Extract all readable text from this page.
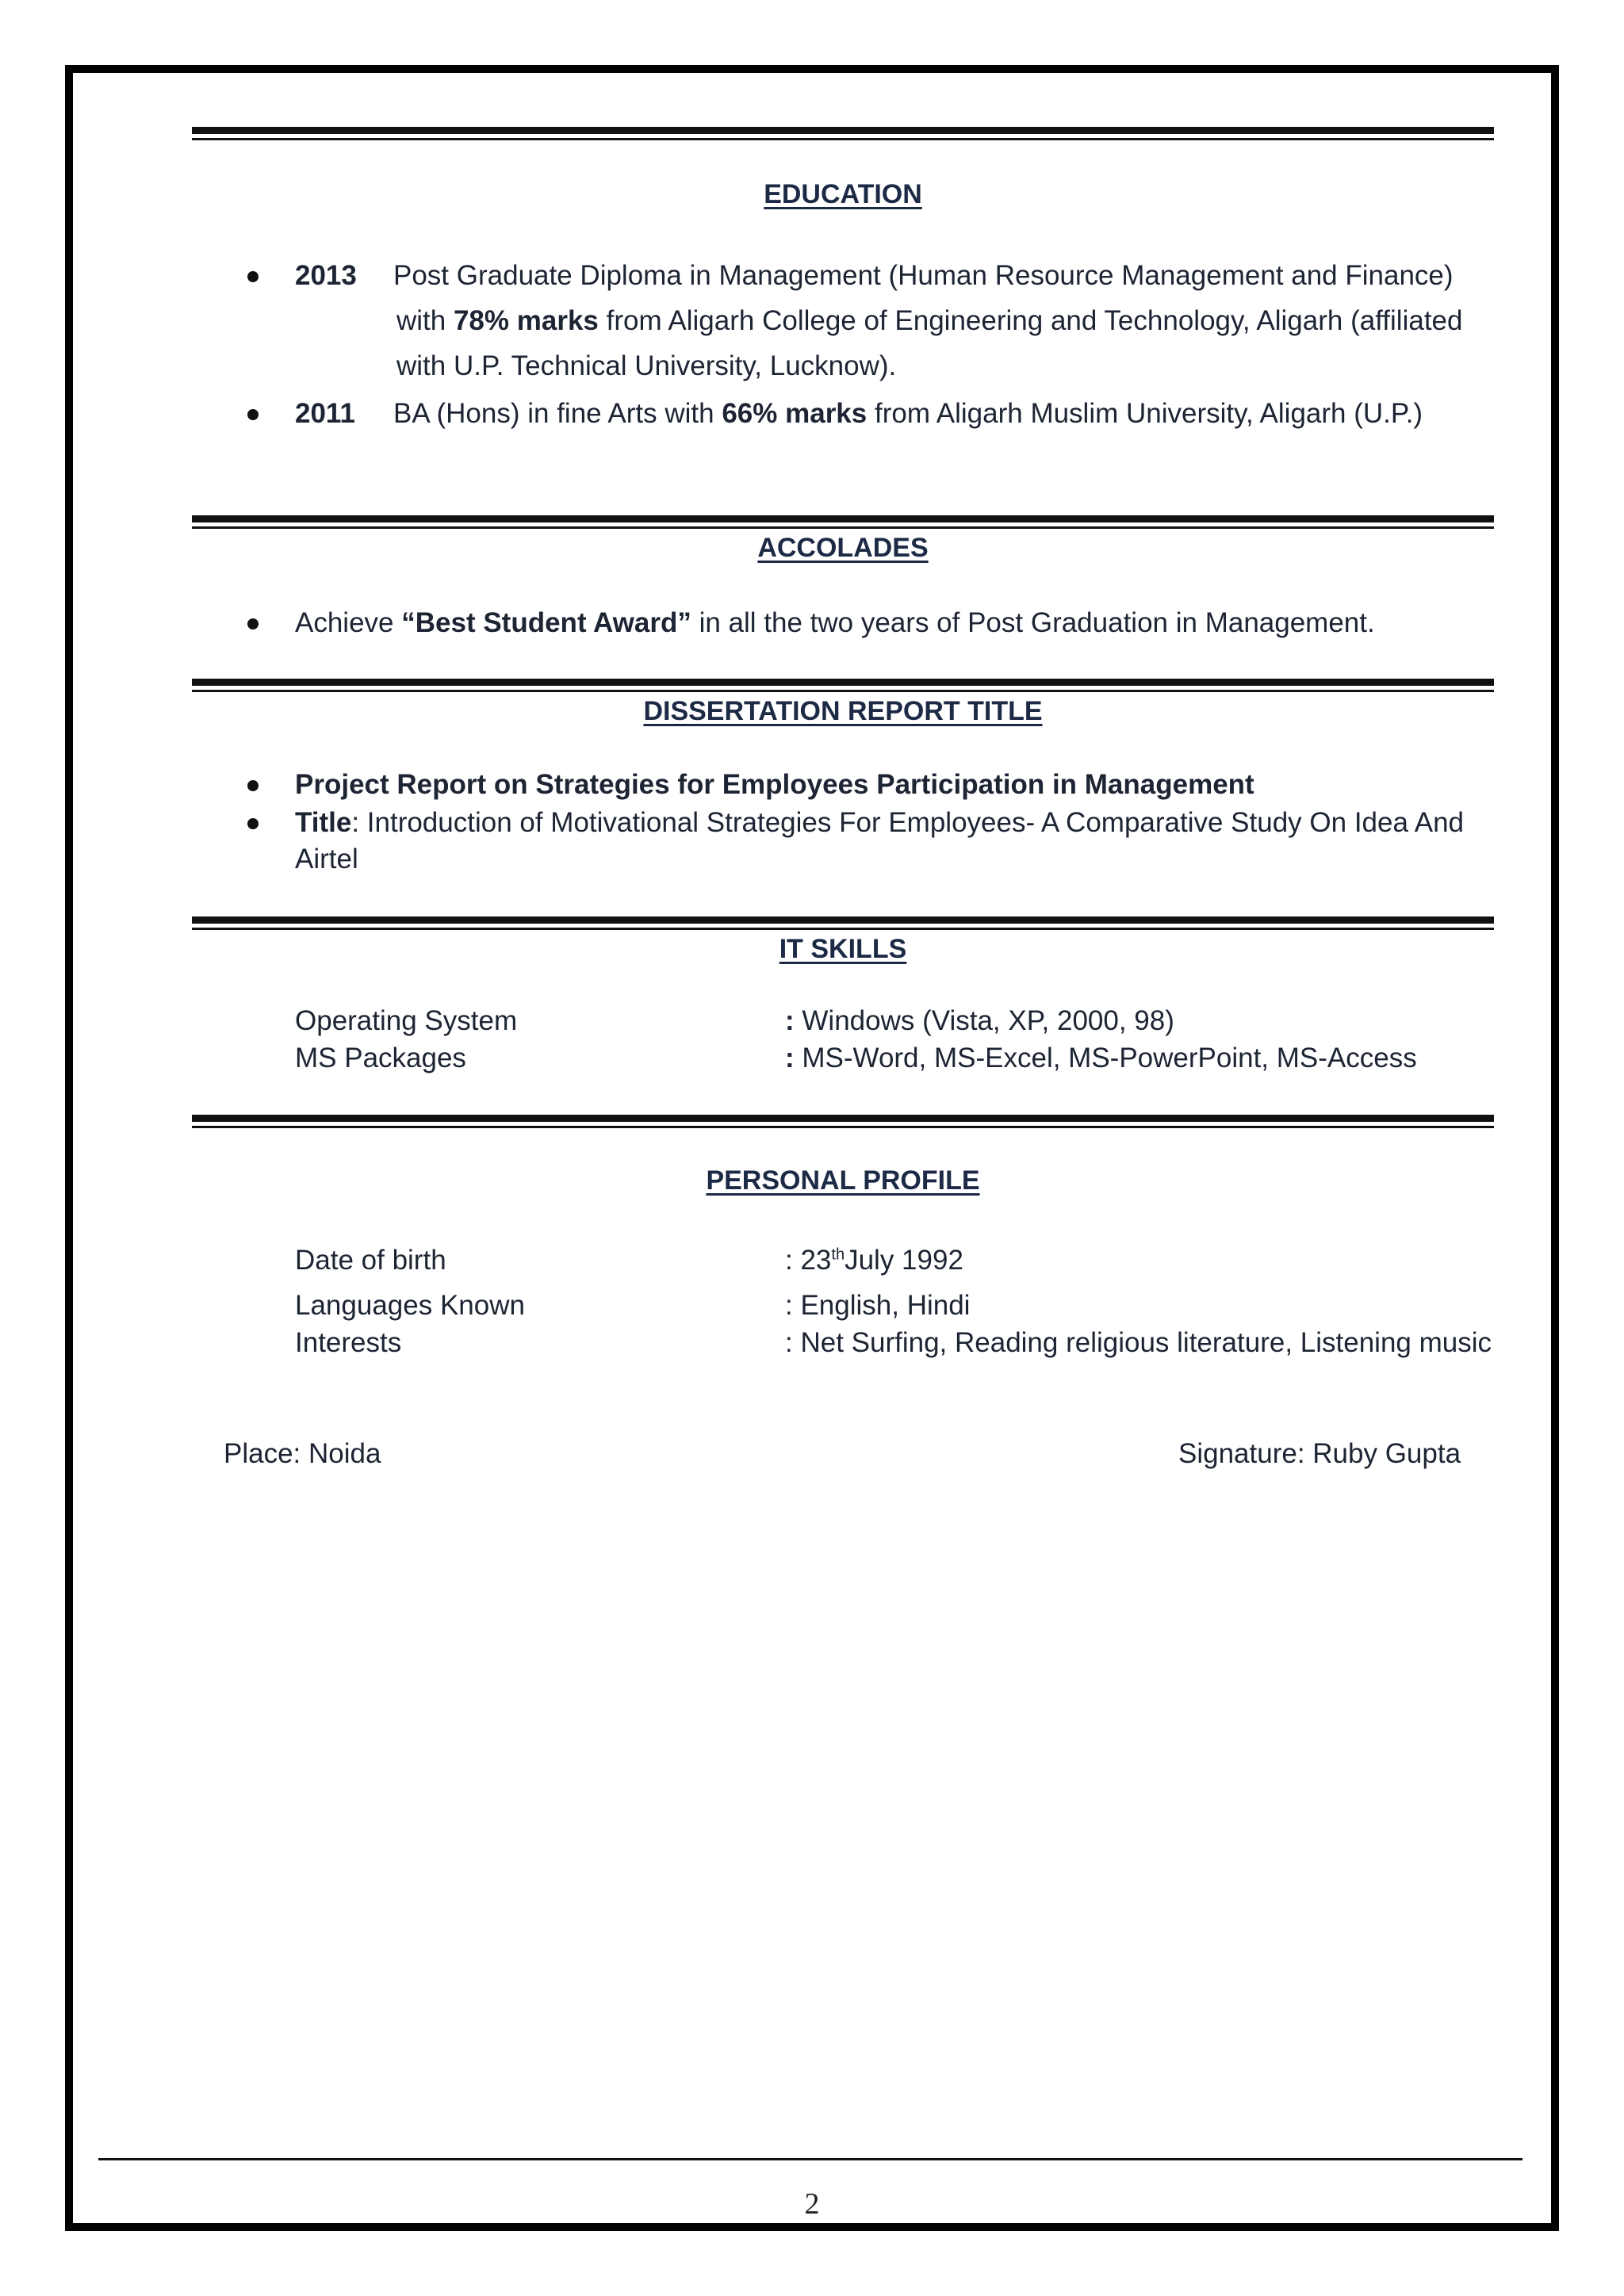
EDUCATION
2013 Post Graduate Diploma in Management (Human Resource Management and Finance)
with 78% marks from Aligarh College of Engineering and Technology, Aligarh (affiliated
with U.P. Technical University, Lucknow).
2011 BA (Hons) in fine Arts with 66% marks from Aligarh Muslim University, Aligarh (U.P.)
ACCOLADES
Achieve “Best Student Award” in all the two years of Post Graduation in Management.
DISSERTATION REPORT TITLE
Project Report on Strategies for Employees Participation in Management
Title: Introduction of Motivational Strategies For Employees- A Comparative Study On Idea And
Airtel
IT SKILLS
Operating System	: Windows (Vista, XP, 2000, 98)
MS Packages	: MS-Word, MS-Excel, MS-PowerPoint, MS-Access
PERSONAL PROFILE
Date of birth	: 23thJuly 1992
Languages Known	: English, Hindi
Interests	: Net Surfing, Reading religious literature, Listening music
Place: Noida	Signature: Ruby Gupta
2
